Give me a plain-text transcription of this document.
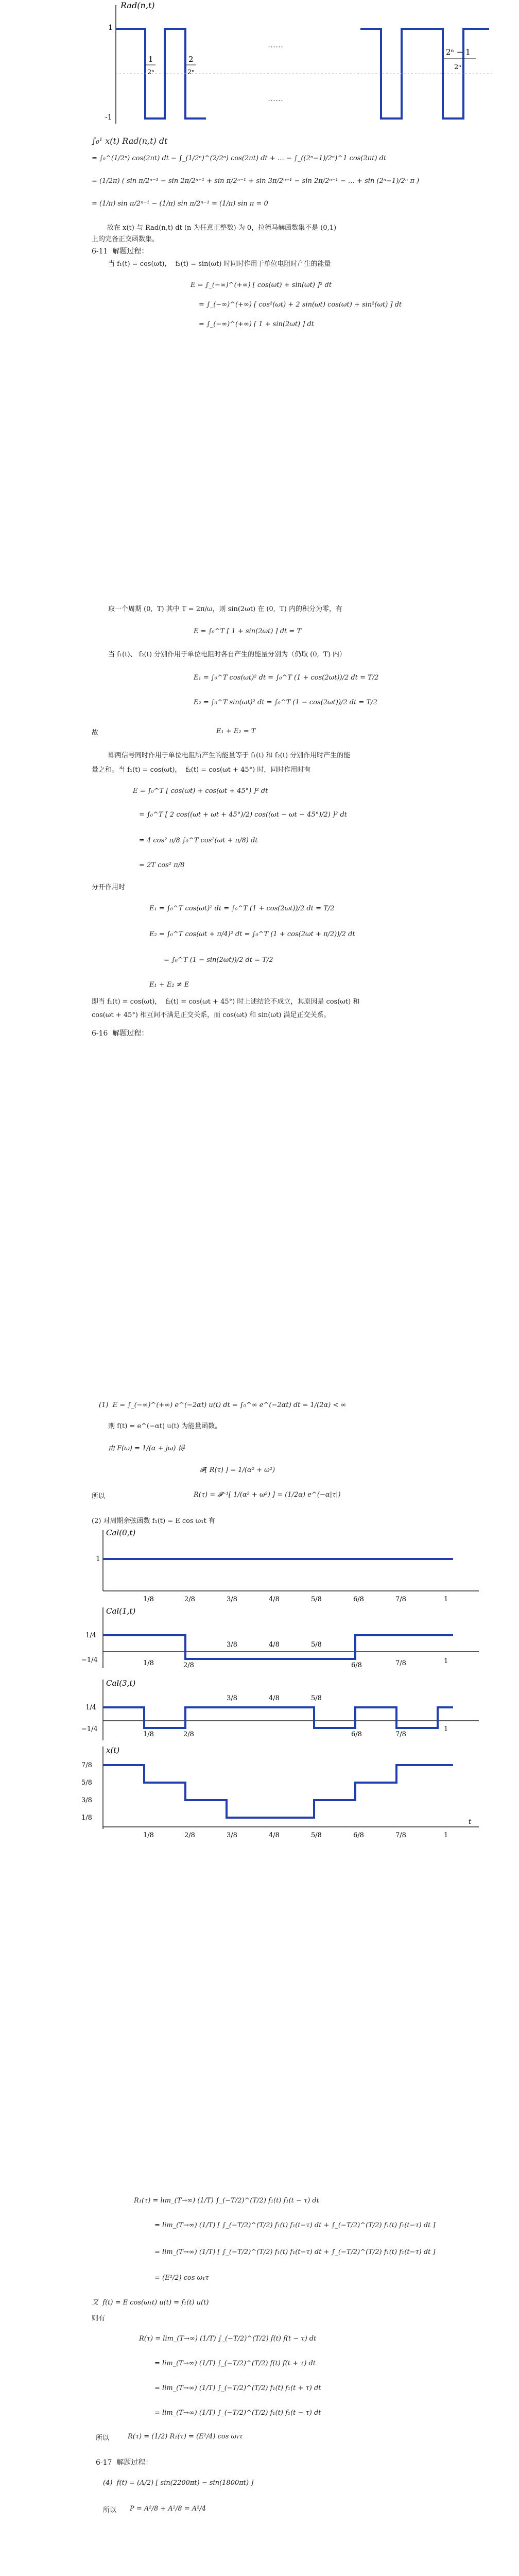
Rad(n,t)
1
-1
1
2ⁿ
2
2ⁿ
……
……
2ⁿ − 1
2ⁿ
∫₀¹ x(t) Rad(n,t) dt
= ∫₀^(1/2ⁿ) cos(2πt) dt − ∫_(1/2ⁿ)^(2/2ⁿ) cos(2πt) dt + … − ∫_((2ⁿ−1)/2ⁿ)^1 cos(2πt) dt
= (1/2π) ( sin π/2ⁿ⁻¹ − sin 2π/2ⁿ⁻¹ + sin π/2ⁿ⁻¹ + sin 3π/2ⁿ⁻¹ − sin 2π/2ⁿ⁻¹ − … + sin (2ⁿ−1)/2ⁿ π )
= (1/π) sin π/2ⁿ⁻¹ − (1/π) sin π/2ⁿ⁻¹ = (1/π) sin π = 0
故在 x(t) 与 Rad(n,t) dt (n 为任意正整数) 为 0，拉德马赫函数集不是 (0,1)
上的完备正交函数集。
6-11  解题过程：
当 f₁(t) = cos(ωt)，  f₂(t) = sin(ωt) 时同时作用于单位电阻时产生的能量
E = ∫_(−∞)^(+∞) [ cos(ωt) + sin(ωt) ]² dt
= ∫_(−∞)^(+∞) [ cos²(ωt) + 2 sin(ωt) cos(ωt) + sin²(ωt) ] dt
= ∫_(−∞)^(+∞) [ 1 + sin(2ωt) ] dt
取一个周期 (0,  T) 其中 T = 2π/ω，则 sin(2ωt) 在 (0,  T) 内的积分为零，有
E = ∫₀^T [ 1 + sin(2ωt) ] dt = T
当 f₁(t)、 f₂(t) 分别作用于单位电阻时各自产生的能量分别为（仍取 (0,  T) 内）
E₁ = ∫₀^T cos(ωt)² dt = ∫₀^T (1 + cos(2ωt))/2 dt = T/2
E₂ = ∫₀^T sin(ωt)² dt = ∫₀^T (1 − cos(2ωt))/2 dt = T/2
故	E₁ + E₂ = T
即两信号同时作用于单位电阻所产生的能量等于 f₁(t) 和 f₂(t) 分别作用时产生的能
量之和。当 f₁(t) = cos(ωt)，  f₂(t) = cos(ωt + 45°) 时，同时作用时有
E = ∫₀^T [ cos(ωt) + cos(ωt + 45°) ]² dt
= ∫₀^T [ 2 cos((ωt + ωt + 45°)/2) cos((ωt − ωt − 45°)/2) ]² dt
= 4 cos² π/8 ∫₀^T cos²(ωt + π/8) dt
= 2T cos² π/8
分开作用时
E₁ = ∫₀^T cos(ωt)² dt = ∫₀^T (1 + cos(2ωt))/2 dt = T/2
E₂ = ∫₀^T cos(ωt + π/4)² dt = ∫₀^T (1 + cos(2ωt + π/2))/2 dt
= ∫₀^T (1 − sin(2ωt))/2 dt = T/2
E₁ + E₂ ≠ E
即当 f₁(t) = cos(ωt)，  f₂(t) = cos(ωt + 45°) 时上述结论不成立，其原因是 cos(ωt) 和
cos(ωt + 45°) 相互间不满足正交关系，而 cos(ωt) 和 sin(ωt) 满足正交关系。
6-16  解题过程：
(1)  E = ∫_(−∞)^(+∞) e^(−2αt) u(t) dt = ∫₀^∞ e^(−2αt) dt = 1/(2α) < ∞
则 f(t) = e^(−αt) u(t) 为能量函数。
由 F(ω) = 1/(α + jω) 得
𝓕[ R(τ) ] = 1/(α² + ω²)
所以	R(τ) = 𝓕⁻¹[ 1/(α² + ω²) ] = (1/2α) e^(−α|τ|)
(2) 对周期余弦函数 f₁(t) = E cos ω₁t 有
Cal(0,t)
1
1/8	2/8	3/8	4/8	5/8	6/8	7/8	1
Cal(1,t)
1/4
−1/4	1/8	2/8
3/8	4/8	5/8
6/8	7/8	1
Cal(3,t)
1/4
−1/4
1/8	2/8
3/8	4/8	5/8
6/8	7/8
1
x(t)
7/8
5/8
3/8
1/8
1/8	2/8	3/8	4/8	5/8	6/8	7/8	1
t
R₁(τ) = lim_(T→∞) (1/T) ∫_(−T/2)^(T/2) f₁(t) f₁(t − τ) dt
= lim_(T→∞) (1/T) [ ∫_(−T/2)^(T/2) f₁(t) f₁(t−τ) dt + ∫_(−T/2)^(T/2) f₁(t) f₁(t−τ) dt ]
= lim_(T→∞) (1/T) [ ∫_(−T/2)^(T/2) f₁(t) f₁(t−τ) dt + ∫_(−T/2)^(T/2) f₁(t) f₁(t−τ) dt ]
= (E²/2) cos ω₁τ
又  f(t) = E cos(ω₁t) u(t) = f₁(t) u(t)
则有
R(τ) = lim_(T→∞) (1/T) ∫_(−T/2)^(T/2) f(t) f(t − τ) dt
= lim_(T→∞) (1/T) ∫_(−T/2)^(T/2) f(t) f(t + τ) dt
= lim_(T→∞) (1/T) ∫_(−T/2)^(T/2) f₁(t) f₁(t + τ) dt
= lim_(T→∞) (1/T) ∫_(−T/2)^(T/2) f₁(t) f₁(t − τ) dt
所以	R(τ) = (1/2) R₁(τ) = (E²/4) cos ω₁τ
6-17  解题过程：
(4)  f(t) = (A/2) [ sin(2200πt) − sin(1800πt) ]
所以 P = A²/8 + A²/8 = A²/4
